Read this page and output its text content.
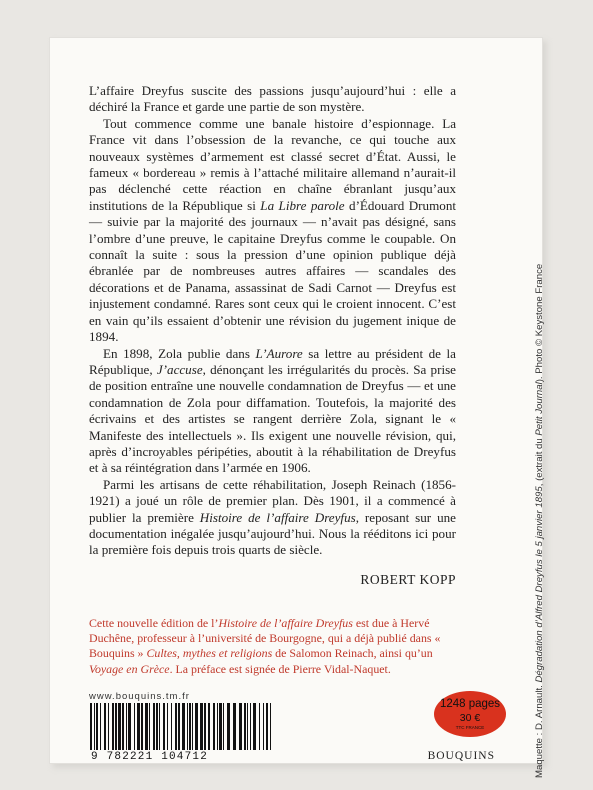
L’affaire Dreyfus suscite des passions jusqu’aujourd’hui : elle a déchiré la France et garde une partie de son mystère.

Tout commence comme une banale histoire d’espionnage. La France vit dans l’obsession de la revanche, ce qui touche aux nouveaux systèmes d’armement est classé secret d’État. Aussi, le fameux « bordereau » remis à l’attaché militaire allemand n’aurait-il pas déclenché cette réaction en chaîne ébranlant jusqu’aux institutions de la République si La Libre parole d’Édouard Drumont — suivie par la majorité des journaux — n’avait pas désigné, sans l’ombre d’une preuve, le capitaine Dreyfus comme le coupable. On connaît la suite : sous la pression d’une opinion publique déjà ébranlée par de nombreuses autres affaires — scandales des décorations et de Panama, assassinat de Sadi Carnot — Dreyfus est injustement condamné. Rares sont ceux qui le croient innocent. C’est en vain qu’ils essaient d’obtenir une révision du jugement inique de 1894.

En 1898, Zola publie dans L’Aurore sa lettre au président de la République, J’accuse, dénonçant les irrégularités du procès. Sa prise de position entraîne une nouvelle condamnation de Dreyfus — et une condamnation de Zola pour diffamation. Toutefois, la majorité des écrivains et des artistes se rangent derrière Zola, signant le « Manifeste des intellectuels ». Ils exigent une nouvelle révision, qui, après d’incroyables péripéties, aboutit à la réhabilitation de Dreyfus et à sa réintégration dans l’armée en 1906.

Parmi les artisans de cette réhabilitation, Joseph Reinach (1856-1921) a joué un rôle de premier plan. Dès 1901, il a commencé à publier la première Histoire de l’affaire Dreyfus, reposant sur une documentation inégalée jusqu’aujourd’hui. Nous la rééditons ici pour la première fois depuis trois quarts de siècle.

ROBERT KOPP
Cette nouvelle édition de l’Histoire de l’affaire Dreyfus est due à Hervé Duchêne, professeur à l’université de Bourgogne, qui a déjà publié dans « Bouquins » Cultes, mythes et religions de Salomon Reinach, ainsi qu’un Voyage en Grèce. La préface est signée de Pierre Vidal-Naquet.
www.bouquins.tm.fr
9 782221 104712
1248 pages
30 €
TTC FRANCE
BOUQUINS	Maquette : D. Arnault. Dégradation d’Alfred Dreyfus le 5 janvier 1895, (extrait du Petit Journal). Photo © Keystone France
